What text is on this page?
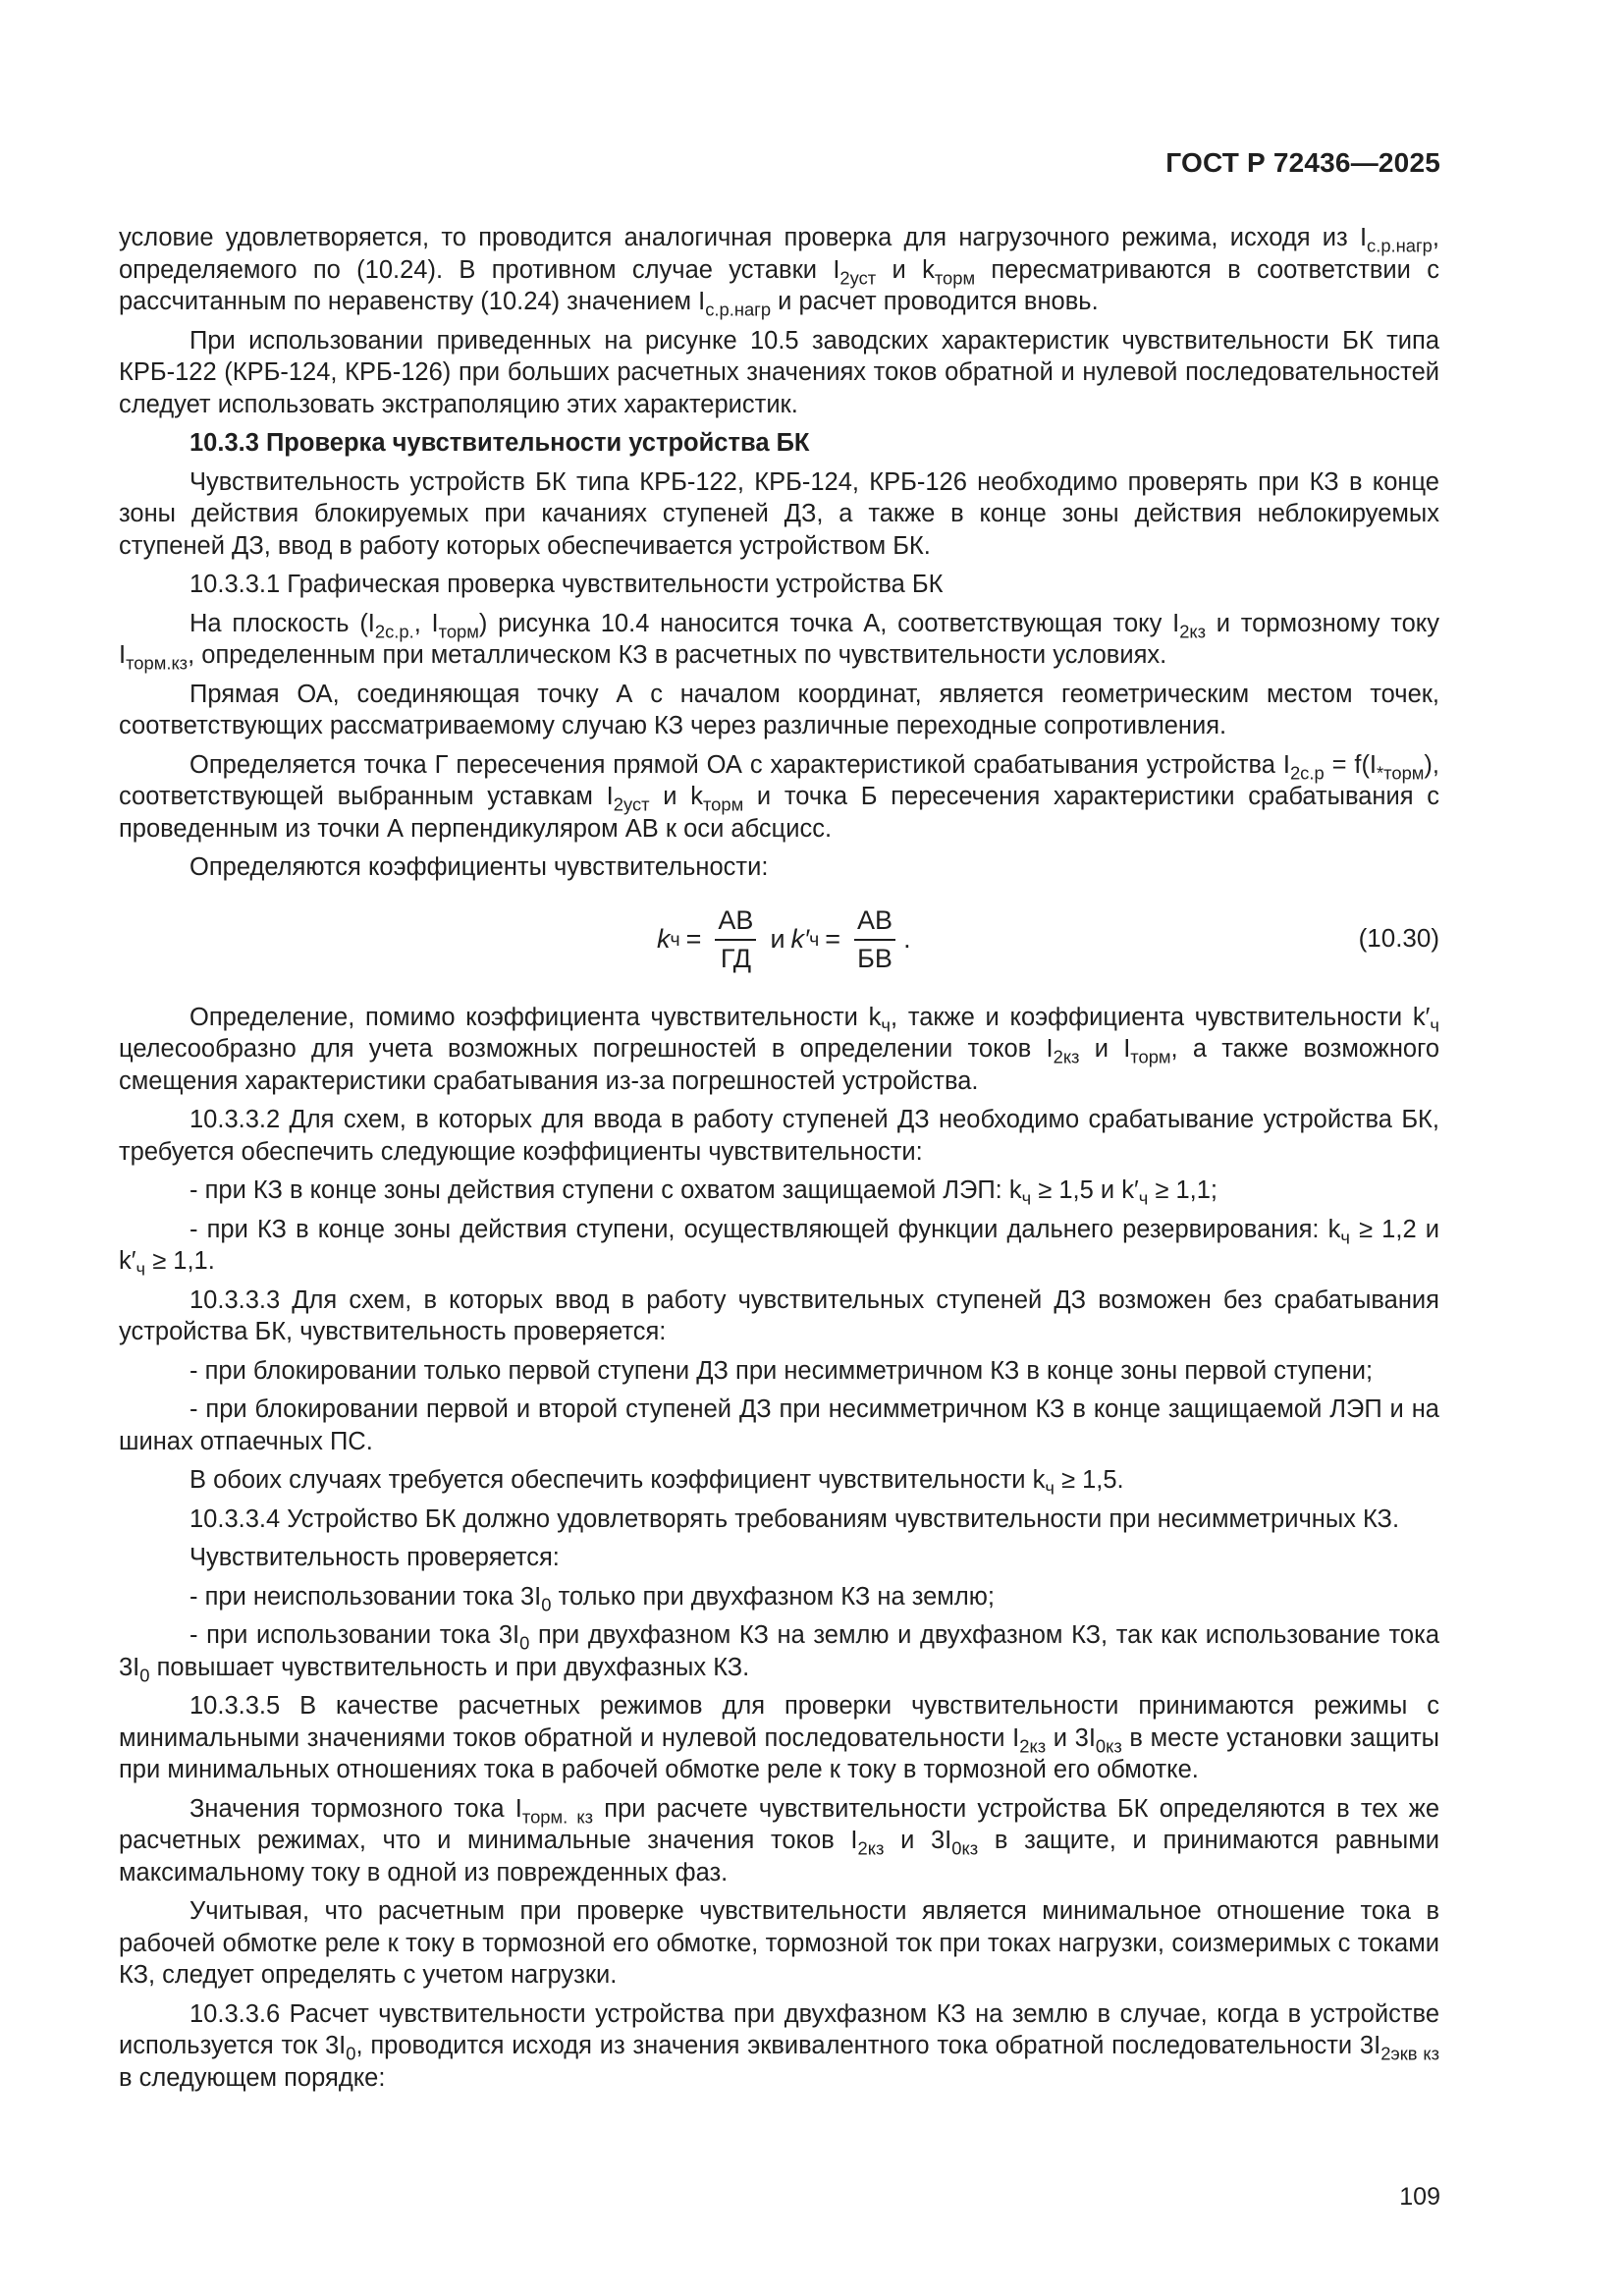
ГОСТ Р 72436—2025

условие удовлетворяется, то проводится аналогичная проверка для нагрузочного режима, исходя из $I_{с.р.нагр}$, определяемого по (10.24). В противном случае уставки $I_{2уст}$ и $k_{торм}$ пересматриваются в соответствии с рассчитанным по неравенству (10.24) значением $I_{с.р.нагр}$ и расчет проводится вновь.

При использовании приведенных на рисунке 10.5 заводских характеристик чувствительности БК типа КРБ-122 (КРБ-124, КРБ-126) при больших расчетных значениях токов обратной и нулевой последовательностей следует использовать экстраполяцию этих характеристик.

10.3.3 Проверка чувствительности устройства БК

Чувствительность устройств БК типа КРБ-122, КРБ-124, КРБ-126 необходимо проверять при КЗ в конце зоны действия блокируемых при качаниях ступеней ДЗ, а также в конце зоны действия неблокируемых ступеней ДЗ, ввод в работу которых обеспечивается устройством БК.

10.3.3.1 Графическая проверка чувствительности устройства БК

На плоскость ($I_{2с.р.}$, $I_{торм}$) рисунка 10.4 наносится точка А, соответствующая току $I_{2кз}$ и тормозному току $I_{торм.кз}$, определенным при металлическом КЗ в расчетных по чувствительности условиях.

Прямая ОА, соединяющая точку А с началом координат, является геометрическим местом точек, соответствующих рассматриваемому случаю КЗ через различные переходные сопротивления.

Определяется точка Г пересечения прямой ОА с характеристикой срабатывания устройства $I_{2с.р} = f(I_{*торм})$, соответствующей выбранным уставкам $I_{2уст}$ и $k_{торм}$ и точка Б пересечения характеристики срабатывания с проведенным из точки А перпендикуляром АВ к оси абсцисс.

Определяются коэффициенты чувствительности:

k $ч = \frac{АВ}{ГД}$ и k′ $ч = \frac{АВ}{БВ}$ .	(10.30)

Определение, помимо коэффициента чувствительности $k_ч$, также и коэффициента чувствительности $k'_ч$ целесообразно для учета возможных погрешностей в определении токов $I_{2кз}$ и $I_{торм}$, а также возможного смещения характеристики срабатывания из-за погрешностей устройства.

10.3.3.2 Для схем, в которых для ввода в работу ступеней ДЗ необходимо срабатывание устройства БК, требуется обеспечить следующие коэффициенты чувствительности:

- при КЗ в конце зоны действия ступени с охватом защищаемой ЛЭП: $k_ч \ge 1,5$ и $k'_ч \ge 1,1$;

- при КЗ в конце зоны действия ступени, осуществляющей функции дальнего резервирования: $k_ч \ge 1,2$ и $k'_ч \ge 1,1$.

10.3.3.3 Для схем, в которых ввод в работу чувствительных ступеней ДЗ возможен без срабатывания устройства БК, чувствительность проверяется:

- при блокировании только первой ступени ДЗ при несимметричном КЗ в конце зоны первой ступени;

- при блокировании первой и второй ступеней ДЗ при несимметричном КЗ в конце защищаемой ЛЭП и на шинах отпаечных ПС.

В обоих случаях требуется обеспечить коэффициент чувствительности $k_ч \ge 1,5$.

10.3.3.4 Устройство БК должно удовлетворять требованиям чувствительности при несимметричных КЗ.

Чувствительность проверяется:

- при неиспользовании тока $3I_0$ только при двухфазном КЗ на землю;

- при использовании тока $3I_0$ при двухфазном КЗ на землю и двухфазном КЗ, так как использование тока $3I_0$ повышает чувствительность и при двухфазных КЗ.

10.3.3.5 В качестве расчетных режимов для проверки чувствительности принимаются режимы с минимальными значениями токов обратной и нулевой последовательности $I_{2кз}$ и $3I_{0кз}$ в месте установки защиты при минимальных отношениях тока в рабочей обмотке реле к току в тормозной его обмотке.

Значения тормозного тока $I_{торм. кз}$ при расчете чувствительности устройства БК определяются в тех же расчетных режимах, что и минимальные значения токов $I_{2кз}$ и $3I_{0кз}$ в защите, и принимаются равными максимальному току в одной из поврежденных фаз.

Учитывая, что расчетным при проверке чувствительности является минимальное отношение тока в рабочей обмотке реле к току в тормозной его обмотке, тормозной ток при токах нагрузки, соизмеримых с токами КЗ, следует определять с учетом нагрузки.

10.3.3.6 Расчет чувствительности устройства при двухфазном КЗ на землю в случае, когда в устройстве используется ток $3I_0$, проводится исходя из значения эквивалентного тока обратной последовательности $3I_{2экв кз}$ в следующем порядке:

109
